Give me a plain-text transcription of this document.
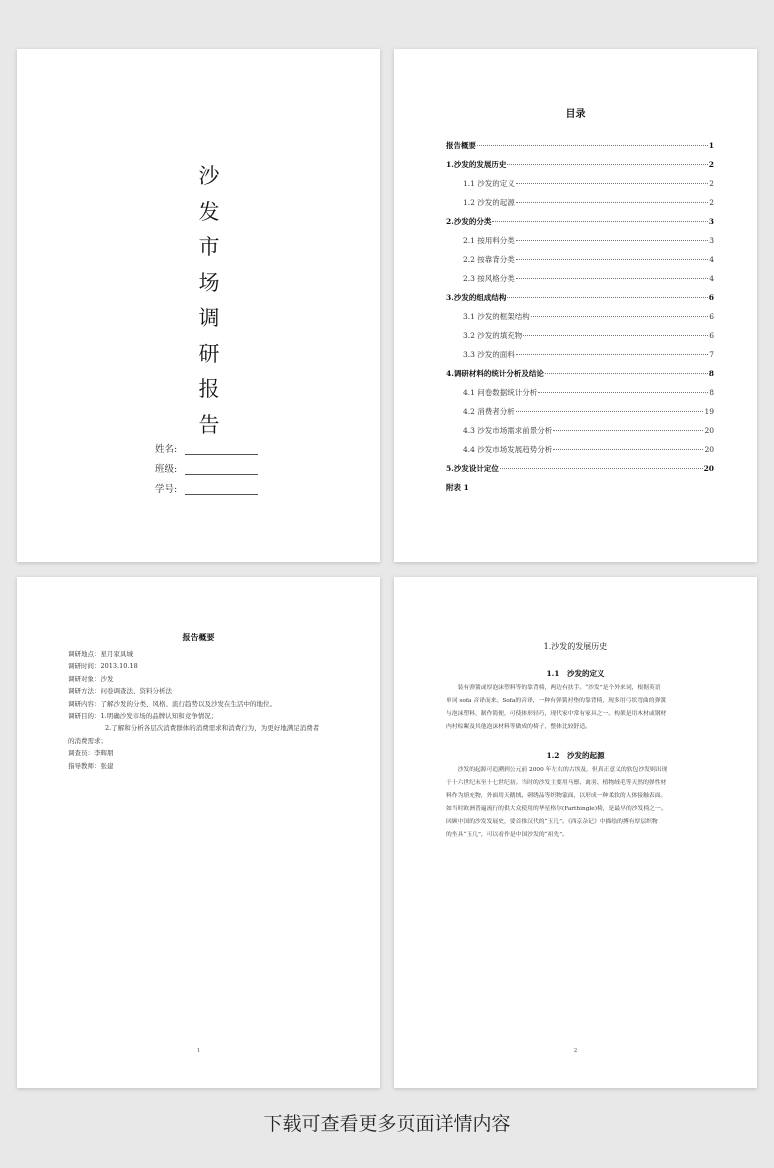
沙
发
市
场
调
研
报
告
姓名:
班级:
学号:
目录
报告概要	1
1.沙发的发展历史	2
1.1 沙发的定义	2
1.2 沙发的起源	2
2.沙发的分类	3
2.1 按用料分类	3
2.2 按靠背分类	4
2.3 按风格分类	4
3.沙发的组成结构	6
3.1 沙发的框架结构	6
3.2 沙发的填充物	6
3.3 沙发的面料	7
4.调研材料的统计分析及结论	8
4.1 问卷数据统计分析	8
4.2 消费者分析	19
4.3 沙发市场需求前景分析	20
4.4 沙发市场发展趋势分析	20
5.沙发设计定位	20
附表 1
报告概要
调研地点：星月家具城
调研时间：2013.10.18
调研对象：沙发
调研方法：问卷调查法、资料分析法
调研内容：了解沙发的分类、风格、流行趋势以及沙发在生活中的地位。
调研目的：1.明确沙发市场的品牌认知和竞争情况；
2.了解和分析各层次消费群体的消费需求和消费行为，为更好地满足消费者
的消费需求；
调查员：李辉朋
指导教师：张建
1
1.沙发的发展历史
1.1　沙发的定义
　　装有弹簧或厚泡沫塑料等的靠背椅，两边有扶手。“沙发”是个外来词，根据英语
单词 sofa 音译而来。Sofa的音译，一种有弹簧衬垫的靠背椅，现多用弓状弯曲的弹簧
与泡沫塑料，制作简便，可使体形轻巧，现代家中常有家具之一。构架是用木材或钢材
内衬棕絮及其他泡沫材料等做成的椅子，整体比较舒适。
1.2　沙发的起源
　　沙发的起源可追溯到公元前 2000 年左右的古埃及，但真正意义的软包沙发则出现
于十六世纪末至十七世纪初。当时的沙发主要用马鬃、禽羽、植物绒毛等天然的弹性材
料作为填充物，外面用天鹅绒、刺绣品等织物蒙面，以形成一种柔软的人体接触表面。
如当时欧洲普遍流行的供大众使用的华星格尔(Farthingle)椅，是最早的沙发椅之一。
回顾中国的沙发发展史，要首推汉代的“玉几”。《西京杂记》中描绘的搏有厚层织物
的坐具“玉几”，可以看作是中国沙发的“祖先”。
2
下载可查看更多页面详情内容
